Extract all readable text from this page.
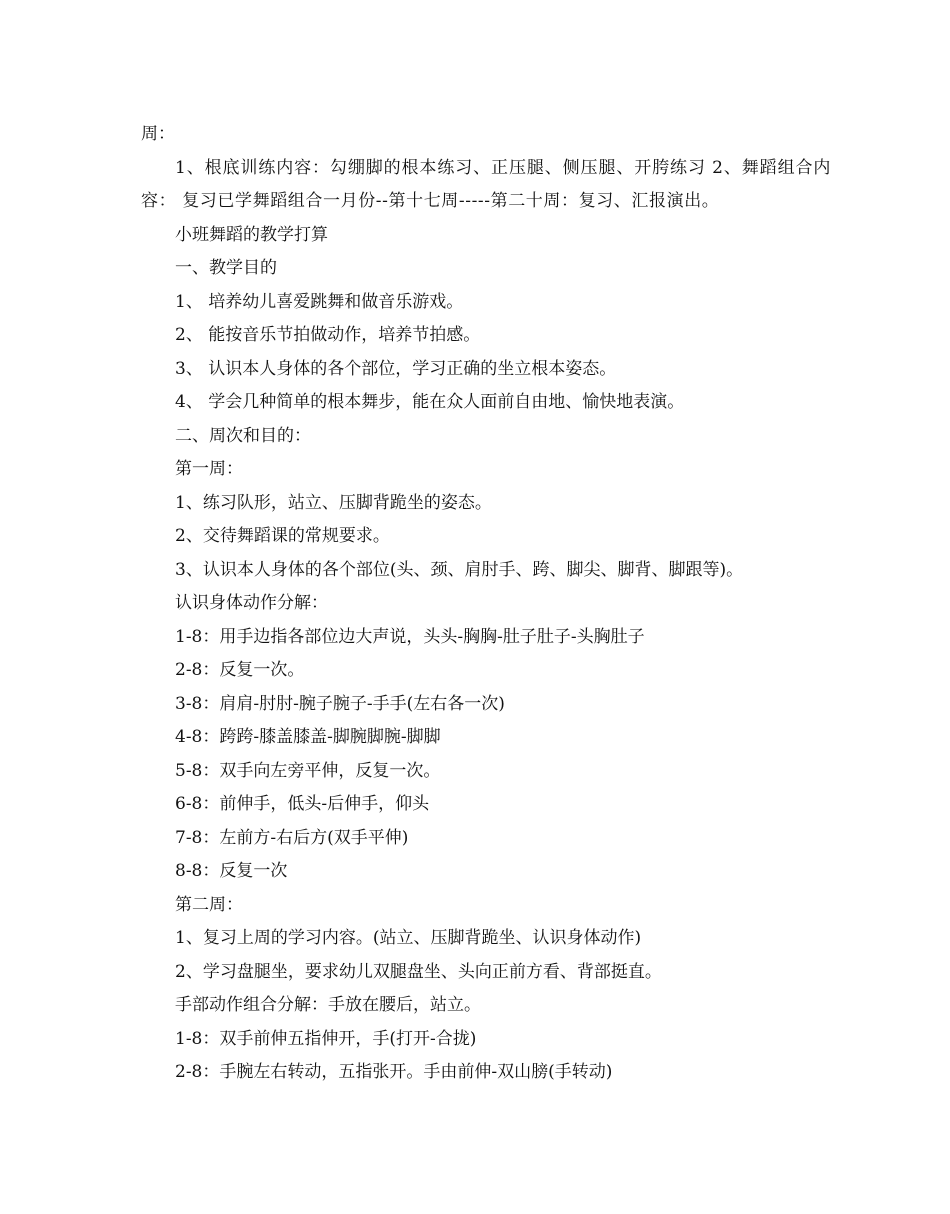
周：
1、根底训练内容：勾绷脚的根本练习、正压腿、侧压腿、开胯练习 2、舞蹈组合内容： 复习已学舞蹈组合一月份--第十七周-----第二十周：复习、汇报演出。
小班舞蹈的教学打算
一、教学目的
1、 培养幼儿喜爱跳舞和做音乐游戏。
2、 能按音乐节拍做动作，培养节拍感。
3、 认识本人身体的各个部位，学习正确的坐立根本姿态。
4、 学会几种简单的根本舞步，能在众人面前自由地、愉快地表演。
二、周次和目的：
第一周：
1、练习队形，站立、压脚背跪坐的姿态。
2、交待舞蹈课的常规要求。
3、认识本人身体的各个部位(头、颈、肩肘手、跨、脚尖、脚背、脚跟等)。
认识身体动作分解：
1-8：用手边指各部位边大声说，头头-胸胸-肚子肚子-头胸肚子
2-8：反复一次。
3-8：肩肩-肘肘-腕子腕子-手手(左右各一次)
4-8：跨跨-膝盖膝盖-脚腕脚腕-脚脚
5-8：双手向左旁平伸，反复一次。
6-8：前伸手，低头-后伸手，仰头
7-8：左前方-右后方(双手平伸)
8-8：反复一次
第二周：
1、复习上周的学习内容。(站立、压脚背跪坐、认识身体动作)
2、学习盘腿坐，要求幼儿双腿盘坐、头向正前方看、背部挺直。
手部动作组合分解：手放在腰后，站立。
1-8：双手前伸五指伸开，手(打开-合拢)
2-8：手腕左右转动，五指张开。手由前伸-双山膀(手转动)
